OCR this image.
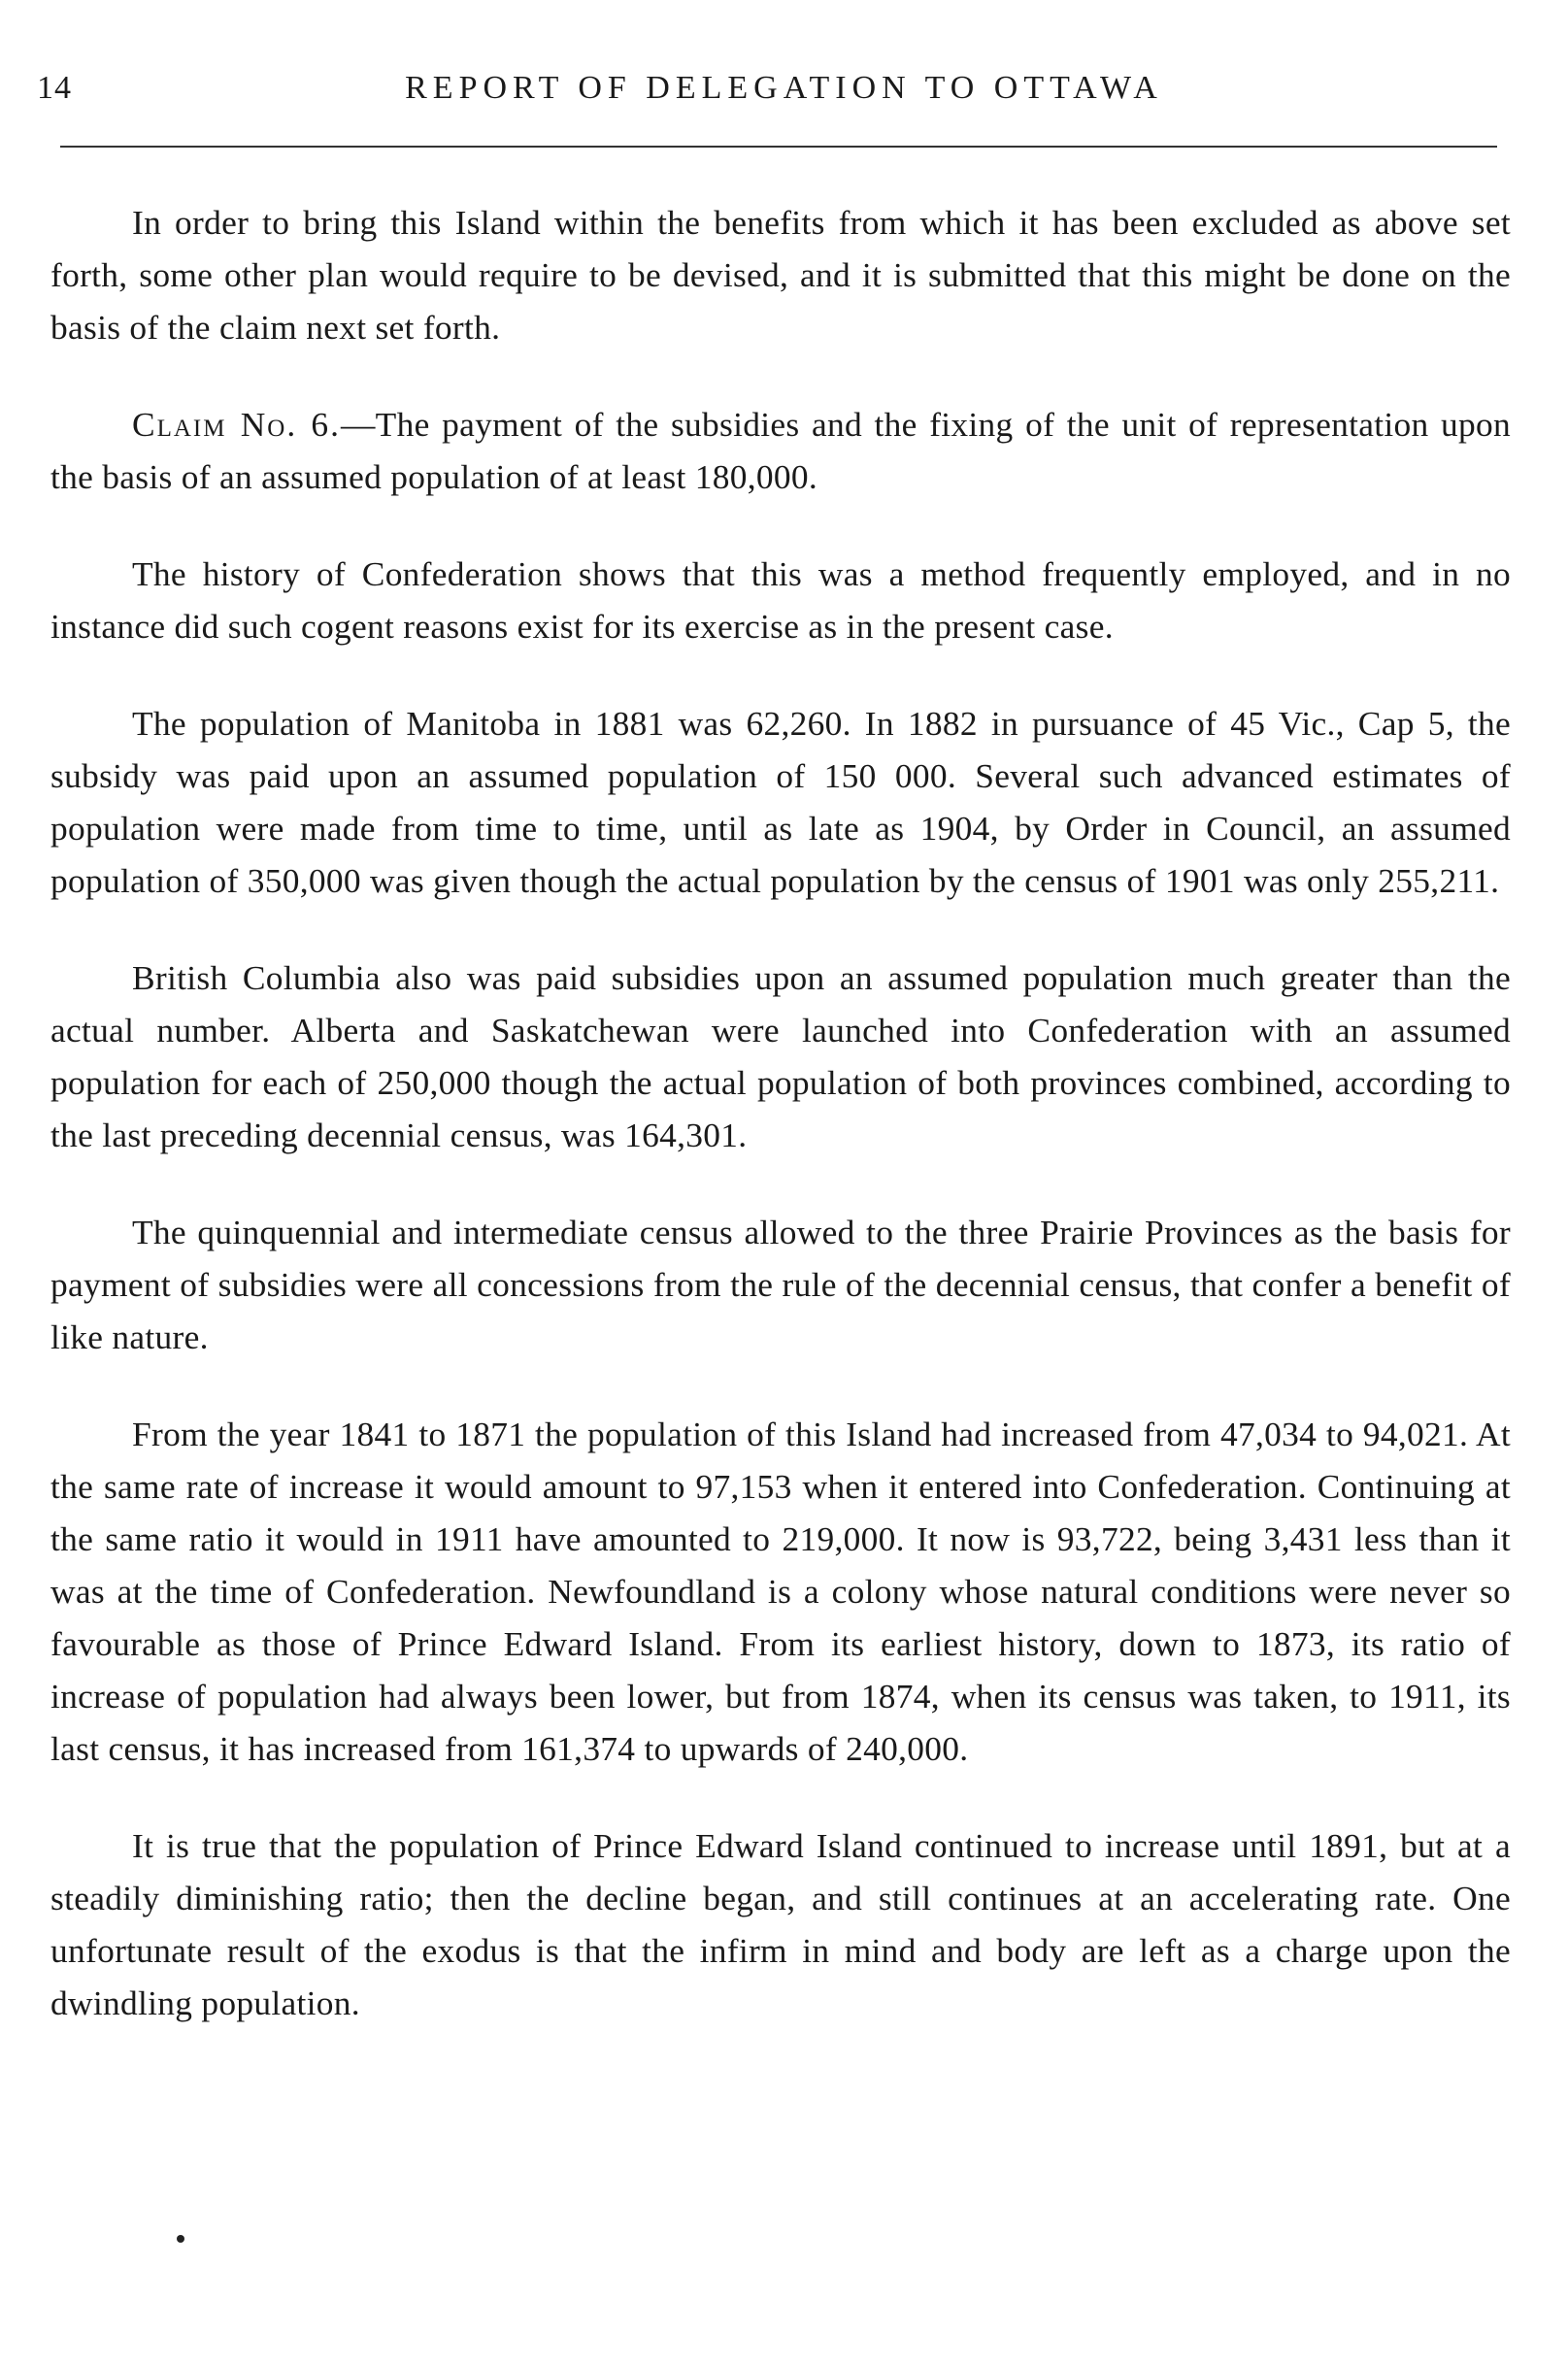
14	REPORT OF DELEGATION TO OTTAWA

In order to bring this Island within the benefits from which it has been excluded as above set forth, some other plan would require to be devised, and it is submitted that this might be done on the basis of the claim next set forth.

Claim No. 6.—The payment of the subsidies and the fixing of the unit of representation upon the basis of an assumed population of at least 180,000.

The history of Confederation shows that this was a method frequently employed, and in no instance did such cogent reasons exist for its exercise as in the present case.

The population of Manitoba in 1881 was 62,260. In 1882 in pursuance of 45 Vic., Cap 5, the subsidy was paid upon an assumed population of 150 000. Several such advanced estimates of population were made from time to time, until as late as 1904, by Order in Council, an assumed population of 350,000 was given though the actual population by the census of 1901 was only 255,211.

British Columbia also was paid subsidies upon an assumed population much greater than the actual number. Alberta and Saskatchewan were launched into Confederation with an assumed population for each of 250,000 though the actual population of both provinces combined, according to the last preceding decennial census, was 164,301.

The quinquennial and intermediate census allowed to the three Prairie Provinces as the basis for payment of subsidies were all concessions from the rule of the decennial census, that confer a benefit of like nature.

From the year 1841 to 1871 the population of this Island had increased from 47,034 to 94,021. At the same rate of increase it would amount to 97,153 when it entered into Confederation. Continuing at the same ratio it would in 1911 have amounted to 219,000. It now is 93,722, being 3,431 less than it was at the time of Confederation. Newfoundland is a colony whose natural conditions were never so favourable as those of Prince Edward Island. From its earliest history, down to 1873, its ratio of increase of population had always been lower, but from 1874, when its census was taken, to 1911, its last census, it has increased from 161,374 to upwards of 240,000.

It is true that the population of Prince Edward Island continued to increase until 1891, but at a steadily diminishing ratio; then the decline began, and still continues at an accelerating rate. One unfortunate result of the exodus is that the infirm in mind and body are left as a charge upon the dwindling population.
